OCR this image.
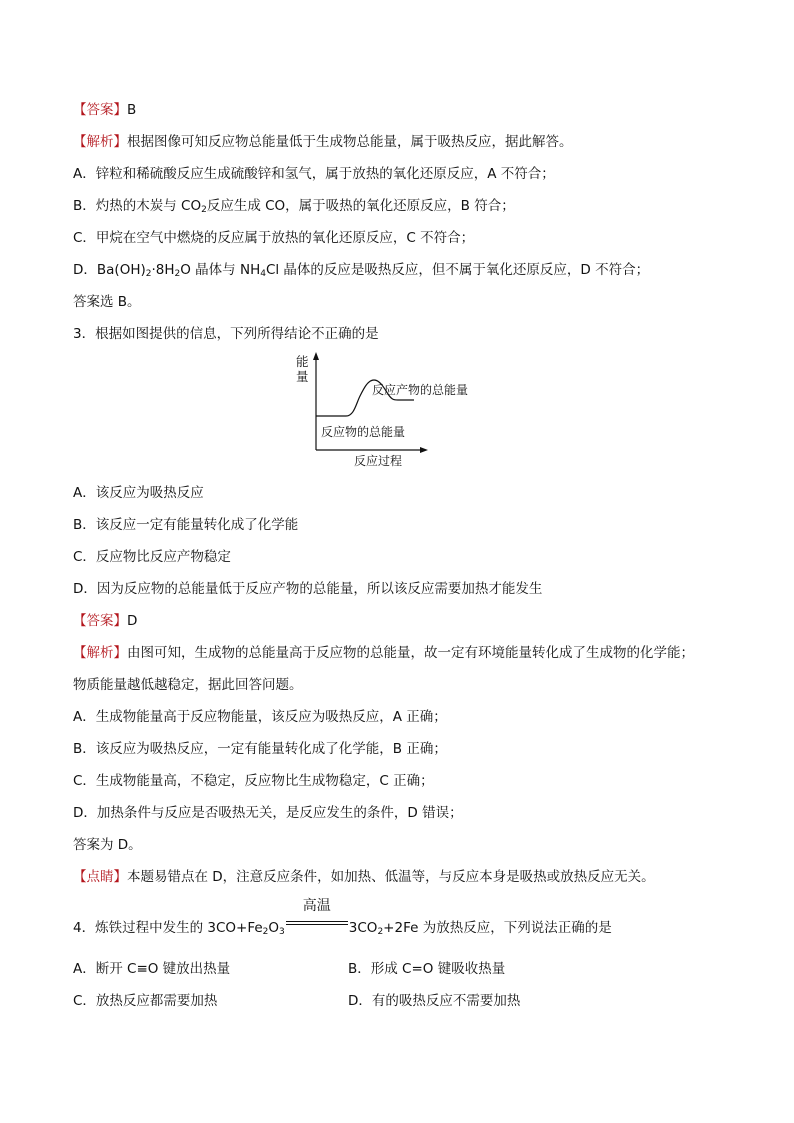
【答案】B
【解析】根据图像可知反应物总能量低于生成物总能量，属于吸热反应，据此解答。
A．锌粒和稀硫酸反应生成硫酸锌和氢气，属于放热的氧化还原反应，A 不符合；
B．灼热的木炭与 $CO_2$反应生成 CO，属于吸热的氧化还原反应，B 符合；
C．甲烷在空气中燃烧的反应属于放热的氧化还原反应，C 不符合；
D．$Ba(OH)_2\cdot 8H_2O$ 晶体与 $NH_4Cl$ 晶体的反应是吸热反应，但不属于氧化还原反应，D 不符合；
答案选 B。
3．根据如图提供的信息，下列所得结论不正确的是
能
量
反应产物的总能量
反应物的总能量
反应过程
A．该反应为吸热反应
B．该反应一定有能量转化成了化学能
C．反应物比反应产物稳定
D．因为反应物的总能量低于反应产物的总能量，所以该反应需要加热才能发生
【答案】D
【解析】由图可知，生成物的总能量高于反应物的总能量，故一定有环境能量转化成了生成物的化学能；
物质能量越低越稳定，据此回答问题。
A．生成物能量高于反应物能量，该反应为吸热反应，A 正确；
B．该反应为吸热反应，一定有能量转化成了化学能，B 正确；
C．生成物能量高，不稳定，反应物比生成物稳定，C 正确；
D．加热条件与反应是否吸热无关，是反应发生的条件，D 错误；
答案为 D。
【点睛】本题易错点在 D，注意反应条件，如加热、低温等，与反应本身是吸热或放热反应无关。
4．炼铁过程中发生的 $3CO+Fe_2O_3$
高温
$3CO_2+2Fe$ 为放热反应，下列说法正确的是
A．断开 C≡O 键放出热量	B．形成 C=O 键吸收热量
C．放热反应都需要加热	D．有的吸热反应不需要加热
